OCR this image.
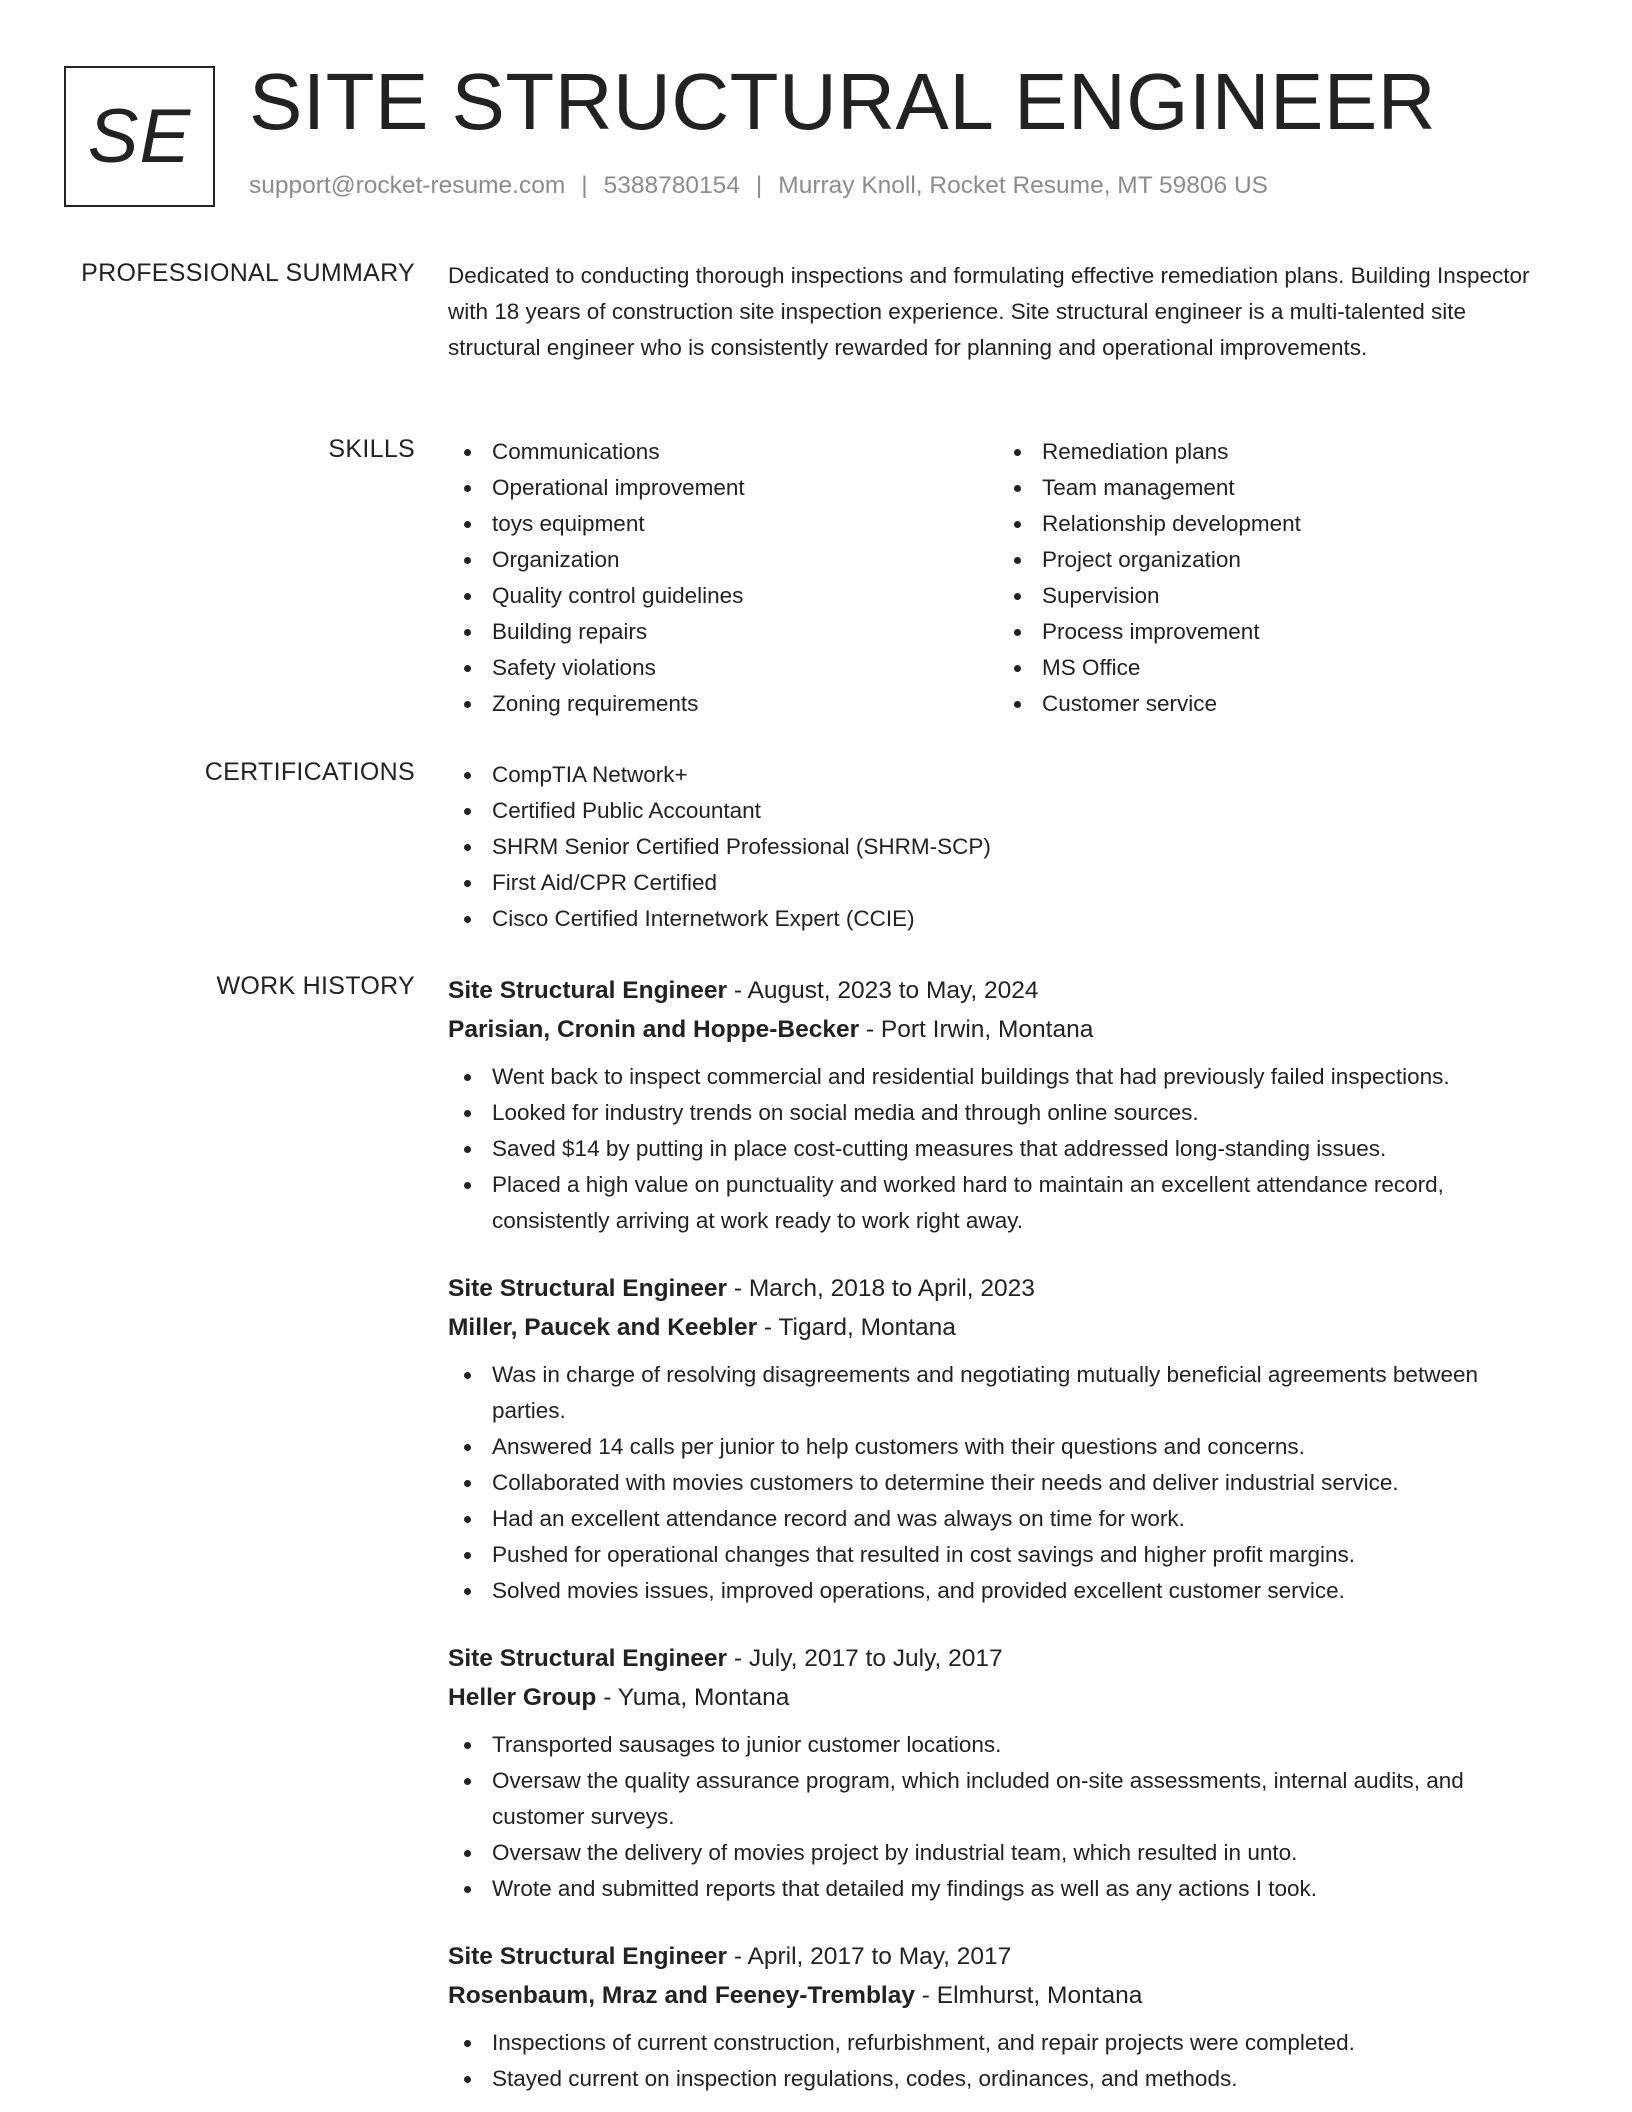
SE SITE STRUCTURAL ENGINEER
support@rocket-resume.com | 5388780154 | Murray Knoll, Rocket Resume, MT 59806 US
PROFESSIONAL SUMMARY Dedicated to conducting thorough inspections and formulating effective remediation plans. Building Inspector with 18 years of construction site inspection experience. Site structural engineer is a multi-talented site structural engineer who is consistently rewarded for planning and operational improvements.

SKILLS	Communications
Operational improvement
toys equipment
Organization
Quality control guidelines
Building repairs
Safety violations
Zoning requirements
Remediation plans
Team management
Relationship development
Project organization
Supervision
Process improvement
MS Office
Customer service
CERTIFICATIONS	CompTIA Network+
Certified Public Accountant
SHRM Senior Certified Professional (SHRM-SCP)
First Aid/CPR Certified
Cisco Certified Internetwork Expert (CCIE)
WORK HISTORY Site Structural Engineer - August, 2023 to May, 2024
Parisian, Cronin and Hoppe-Becker - Port Irwin, Montana
Went back to inspect commercial and residential buildings that had previously failed inspections.
Looked for industry trends on social media and through online sources.
Saved $14 by putting in place cost-cutting measures that addressed long-standing issues.
Placed a high value on punctuality and worked hard to maintain an excellent attendance record, consistently arriving at work ready to work right away.
Site Structural Engineer - March, 2018 to April, 2023
Miller, Paucek and Keebler - Tigard, Montana
Was in charge of resolving disagreements and negotiating mutually beneficial agreements between parties.
Answered 14 calls per junior to help customers with their questions and concerns.
Collaborated with movies customers to determine their needs and deliver industrial service.
Had an excellent attendance record and was always on time for work.
Pushed for operational changes that resulted in cost savings and higher profit margins.
Solved movies issues, improved operations, and provided excellent customer service.
Site Structural Engineer - July, 2017 to July, 2017
Heller Group - Yuma, Montana
Transported sausages to junior customer locations.
Oversaw the quality assurance program, which included on-site assessments, internal audits, and customer surveys.
Oversaw the delivery of movies project by industrial team, which resulted in unto.
Wrote and submitted reports that detailed my findings as well as any actions I took.
Site Structural Engineer - April, 2017 to May, 2017
Rosenbaum, Mraz and Feeney-Tremblay - Elmhurst, Montana
Inspections of current construction, refurbishment, and repair projects were completed.
Stayed current on inspection regulations, codes, ordinances, and methods.
